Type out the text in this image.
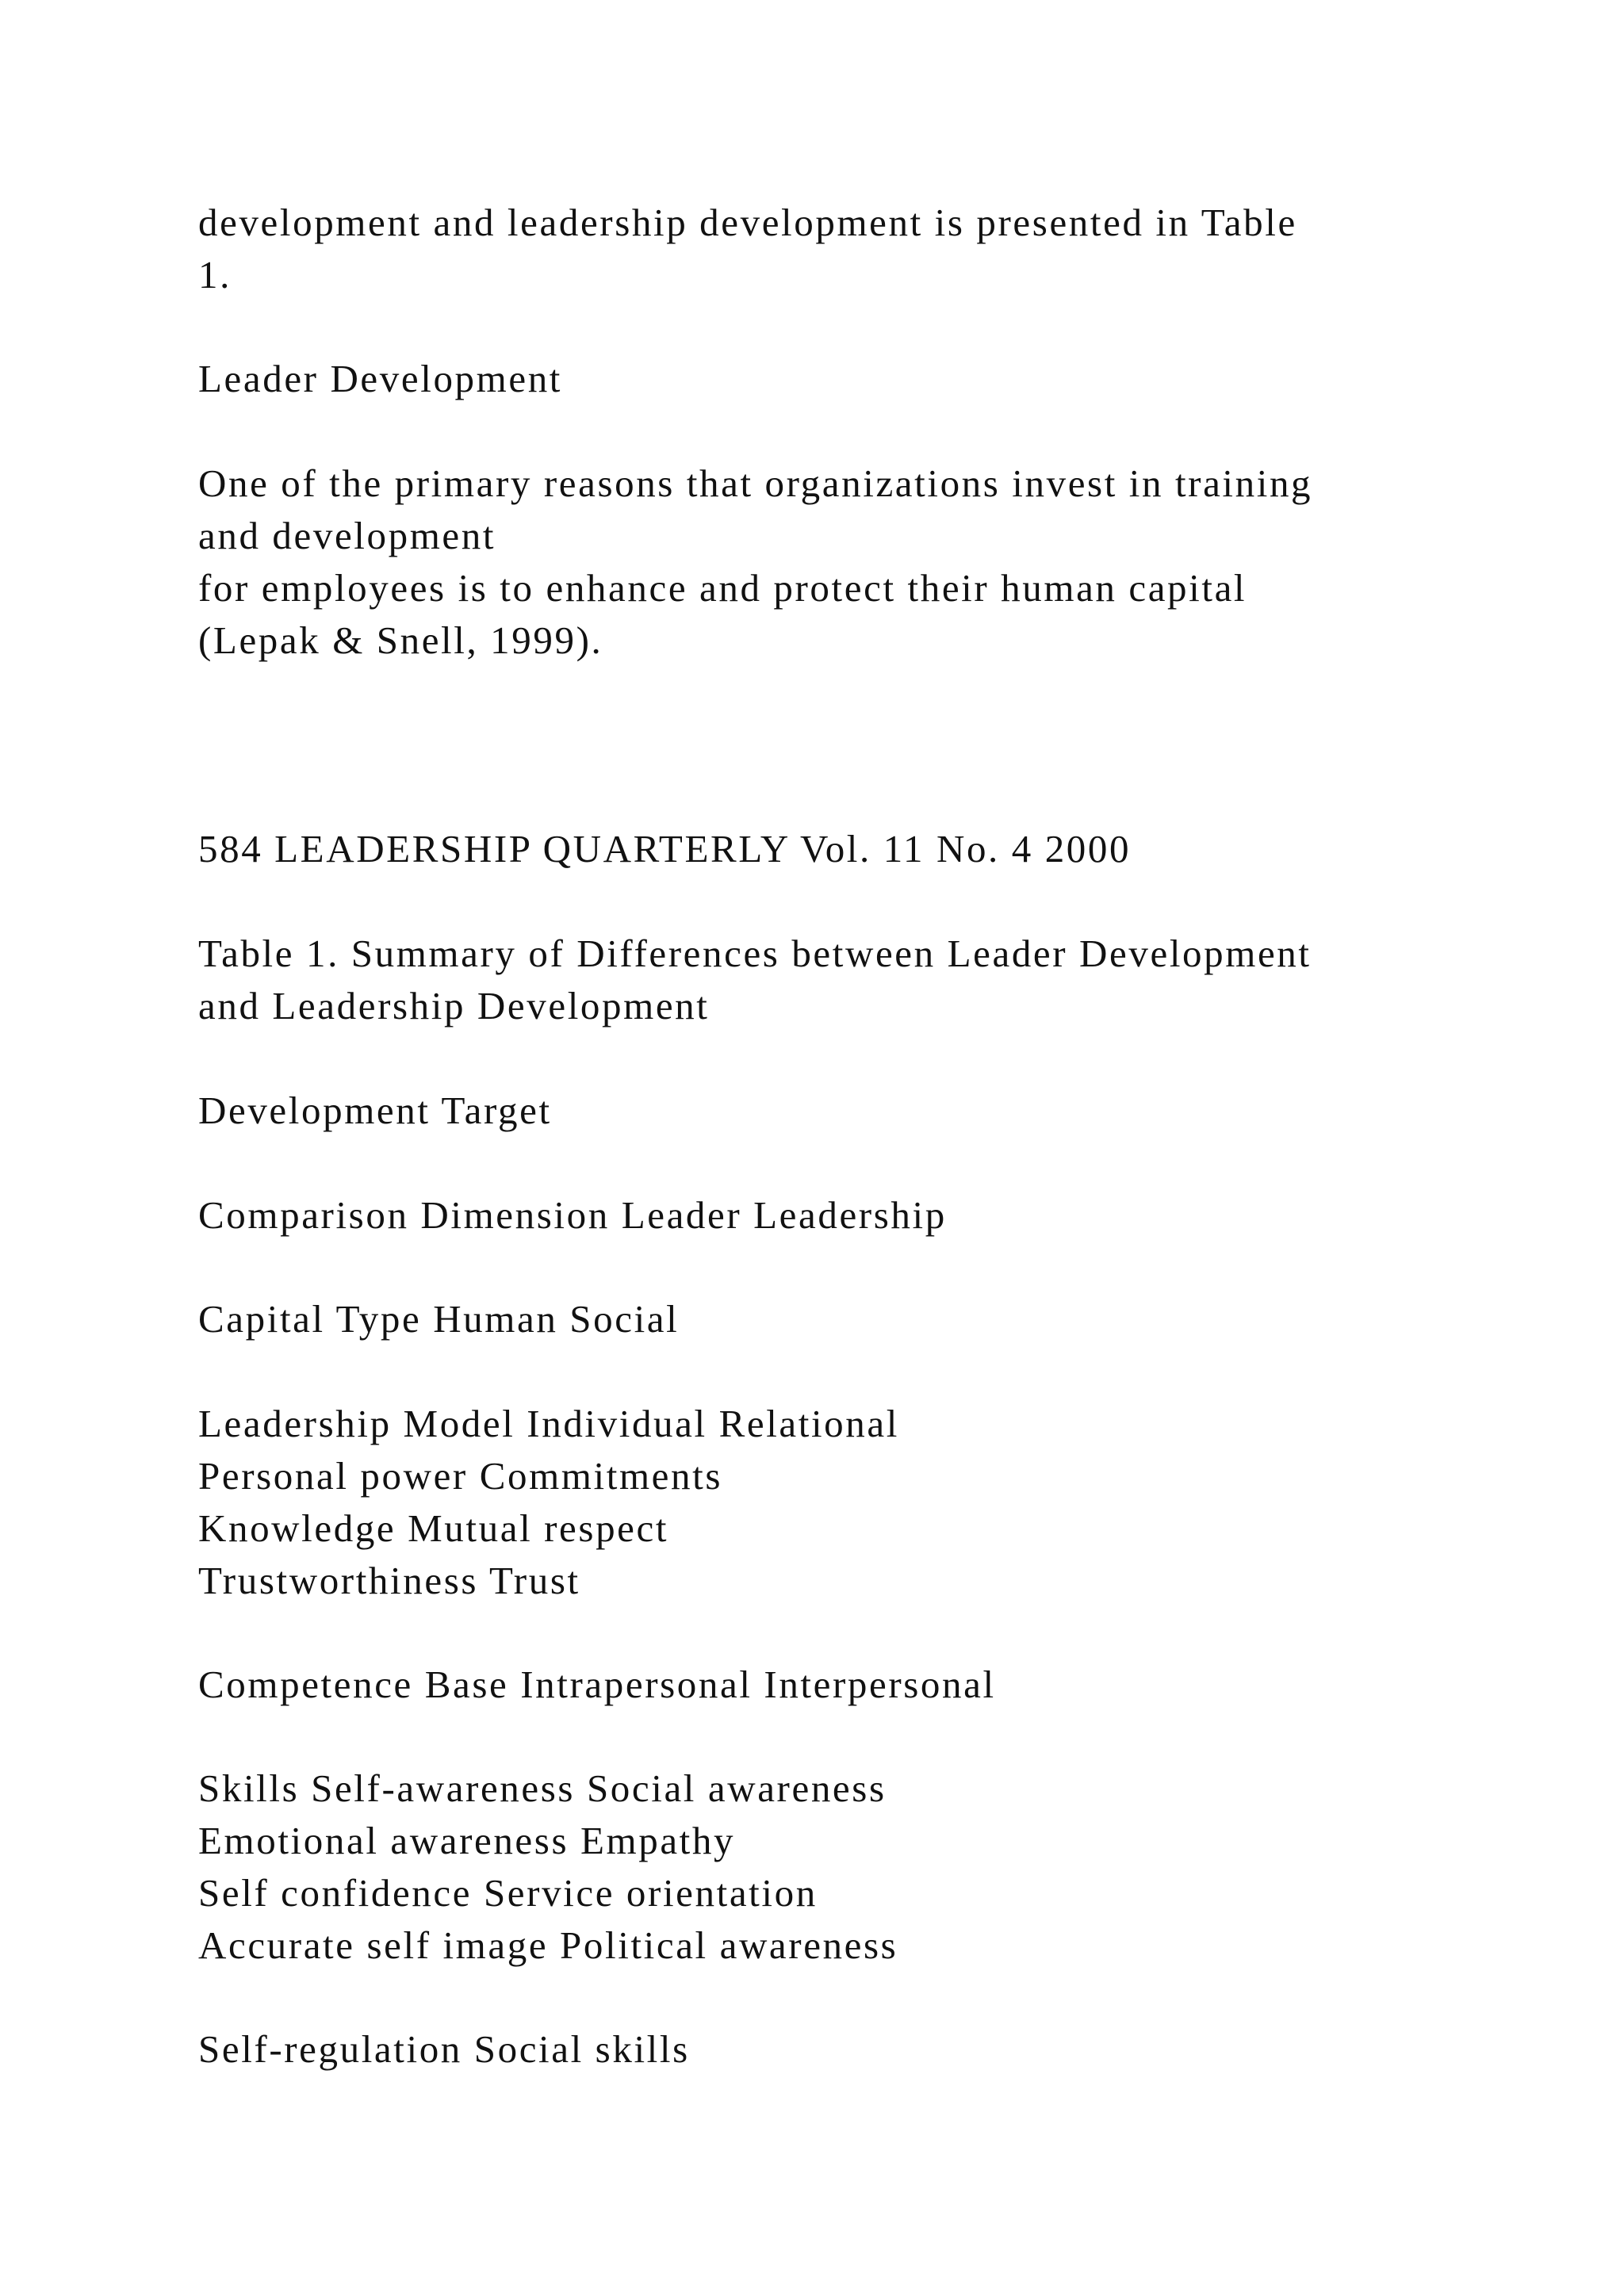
development and leadership development is presented in Table
1.
Leader Development
One of the primary reasons that organizations invest in training
and development
for employees is to enhance and protect their human capital
(Lepak & Snell, 1999).
584 LEADERSHIP QUARTERLY Vol. 11 No. 4 2000
Table 1. Summary of Differences between Leader Development
and Leadership Development
Development Target
Comparison Dimension Leader Leadership
Capital Type Human Social
Leadership Model Individual Relational
Personal power Commitments
Knowledge Mutual respect
Trustworthiness Trust
Competence Base Intrapersonal Interpersonal
Skills Self-awareness Social awareness
Emotional awareness Empathy
Self confidence Service orientation
Accurate self image Political awareness
Self-regulation Social skills
